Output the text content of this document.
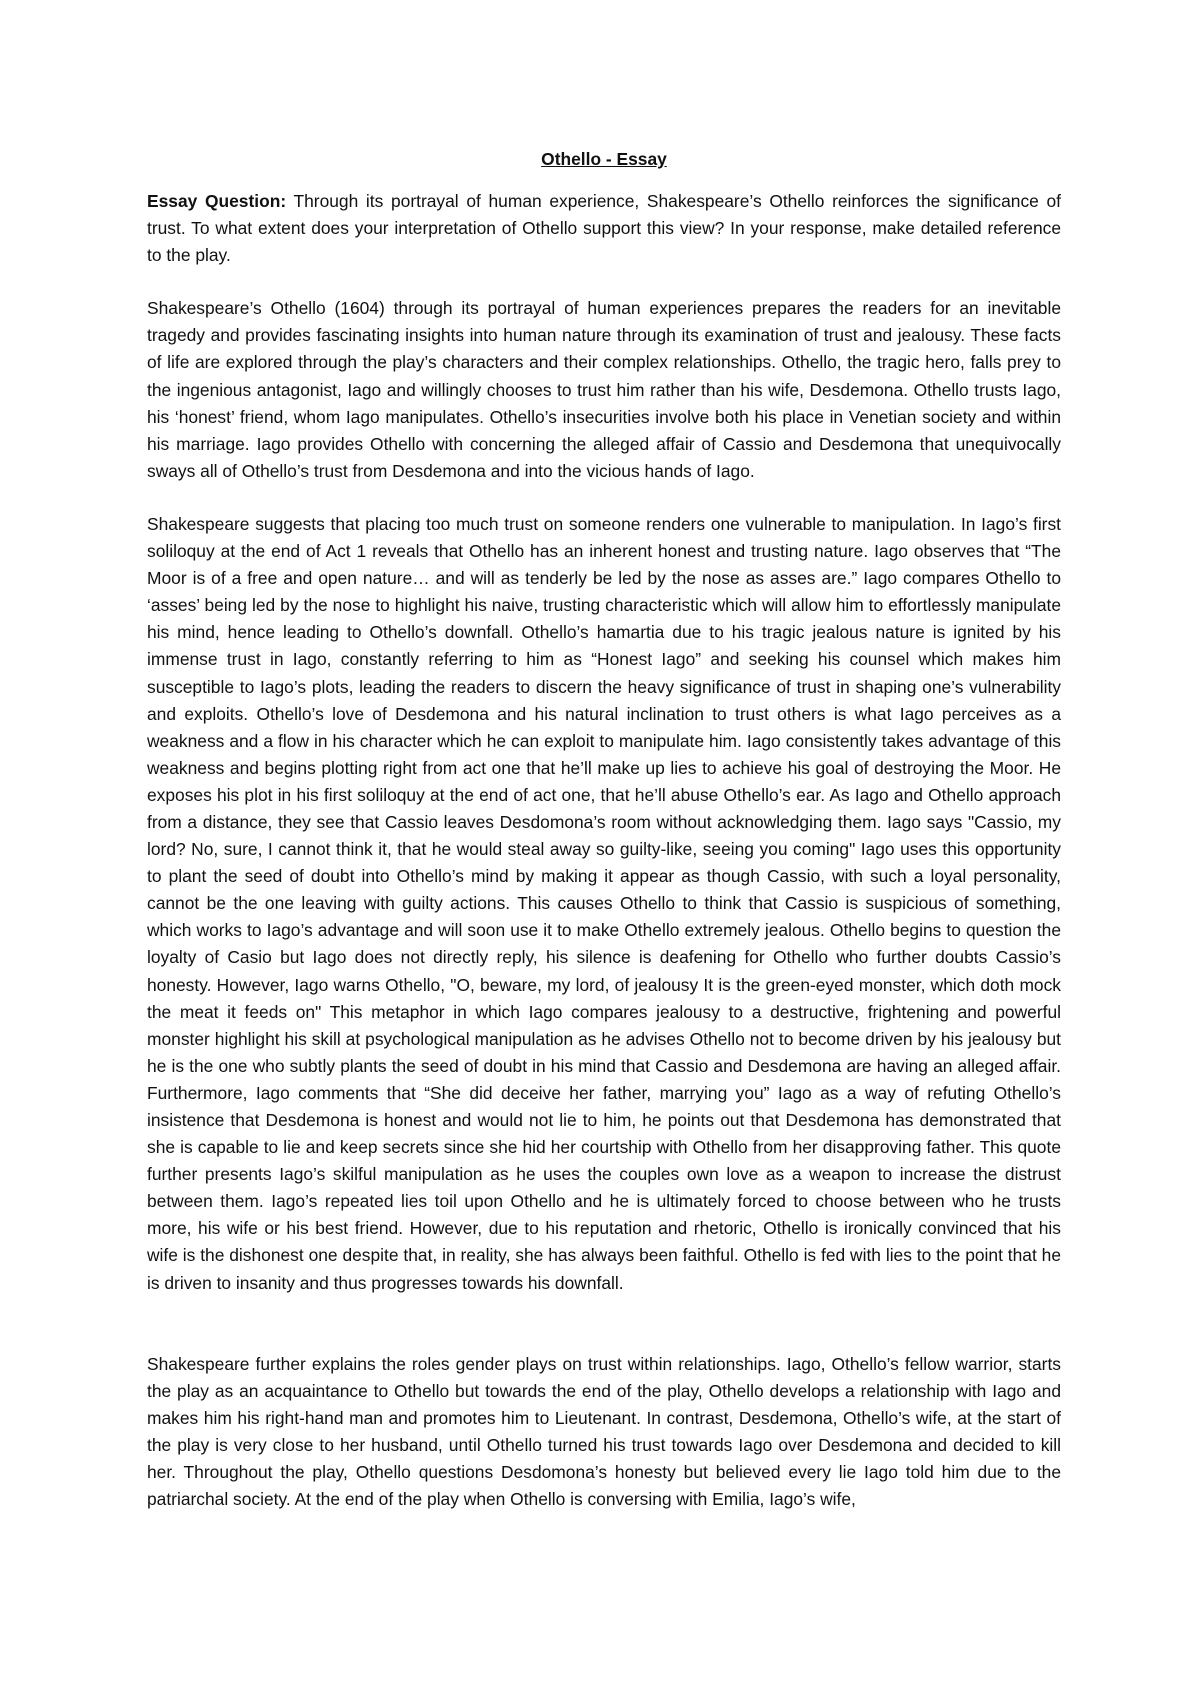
Othello - Essay
Essay Question: Through its portrayal of human experience, Shakespeare’s Othello reinforces the significance of trust. To what extent does your interpretation of Othello support this view? In your response, make detailed reference to the play.
Shakespeare’s Othello (1604) through its portrayal of human experiences prepares the readers for an inevitable tragedy and provides fascinating insights into human nature through its examination of trust and jealousy. These facts of life are explored through the play’s characters and their complex relationships. Othello, the tragic hero, falls prey to the ingenious antagonist, Iago and willingly chooses to trust him rather than his wife, Desdemona. Othello trusts Iago, his ‘honest’ friend, whom Iago manipulates. Othello’s insecurities involve both his place in Venetian society and within his marriage. Iago provides Othello with concerning the alleged affair of Cassio and Desdemona that unequivocally sways all of Othello’s trust from Desdemona and into the vicious hands of Iago.
Shakespeare suggests that placing too much trust on someone renders one vulnerable to manipulation. In Iago’s first soliloquy at the end of Act 1 reveals that Othello has an inherent honest and trusting nature. Iago observes that “The Moor is of a free and open nature… and will as tenderly be led by the nose as asses are.” Iago compares Othello to ‘asses’ being led by the nose to highlight his naive, trusting characteristic which will allow him to effortlessly manipulate his mind, hence leading to Othello’s downfall. Othello’s hamartia due to his tragic jealous nature is ignited by his immense trust in Iago, constantly referring to him as “Honest Iago” and seeking his counsel which makes him susceptible to Iago’s plots, leading the readers to discern the heavy significance of trust in shaping one’s vulnerability and exploits. Othello’s love of Desdemona and his natural inclination to trust others is what Iago perceives as a weakness and a flow in his character which he can exploit to manipulate him. Iago consistently takes advantage of this weakness and begins plotting right from act one that he’ll make up lies to achieve his goal of destroying the Moor. He exposes his plot in his first soliloquy at the end of act one, that he’ll abuse Othello’s ear. As Iago and Othello approach from a distance, they see that Cassio leaves Desdomona’s room without acknowledging them. Iago says "Cassio, my lord? No, sure, I cannot think it, that he would steal away so guilty-like, seeing you coming" Iago uses this opportunity to plant the seed of doubt into Othello’s mind by making it appear as though Cassio, with such a loyal personality, cannot be the one leaving with guilty actions. This causes Othello to think that Cassio is suspicious of something, which works to Iago’s advantage and will soon use it to make Othello extremely jealous. Othello begins to question the loyalty of Casio but Iago does not directly reply, his silence is deafening for Othello who further doubts Cassio’s honesty. However, Iago warns Othello, "O, beware, my lord, of jealousy It is the green-eyed monster, which doth mock the meat it feeds on" This metaphor in which Iago compares jealousy to a destructive, frightening and powerful monster highlight his skill at psychological manipulation as he advises Othello not to become driven by his jealousy but he is the one who subtly plants the seed of doubt in his mind that Cassio and Desdemona are having an alleged affair. Furthermore, Iago comments that “She did deceive her father, marrying you” Iago as a way of refuting Othello’s insistence that Desdemona is honest and would not lie to him, he points out that Desdemona has demonstrated that she is capable to lie and keep secrets since she hid her courtship with Othello from her disapproving father. This quote further presents Iago’s skilful manipulation as he uses the couples own love as a weapon to increase the distrust between them. Iago’s repeated lies toil upon Othello and he is ultimately forced to choose between who he trusts more, his wife or his best friend. However, due to his reputation and rhetoric, Othello is ironically convinced that his wife is the dishonest one despite that, in reality, she has always been faithful. Othello is fed with lies to the point that he is driven to insanity and thus progresses towards his downfall.
Shakespeare further explains the roles gender plays on trust within relationships. Iago, Othello’s fellow warrior, starts the play as an acquaintance to Othello but towards the end of the play, Othello develops a relationship with Iago and makes him his right-hand man and promotes him to Lieutenant. In contrast, Desdemona, Othello’s wife, at the start of the play is very close to her husband, until Othello turned his trust towards Iago over Desdemona and decided to kill her. Throughout the play, Othello questions Desdomona’s honesty but believed every lie Iago told him due to the patriarchal society. At the end of the play when Othello is conversing with Emilia, Iago’s wife,
